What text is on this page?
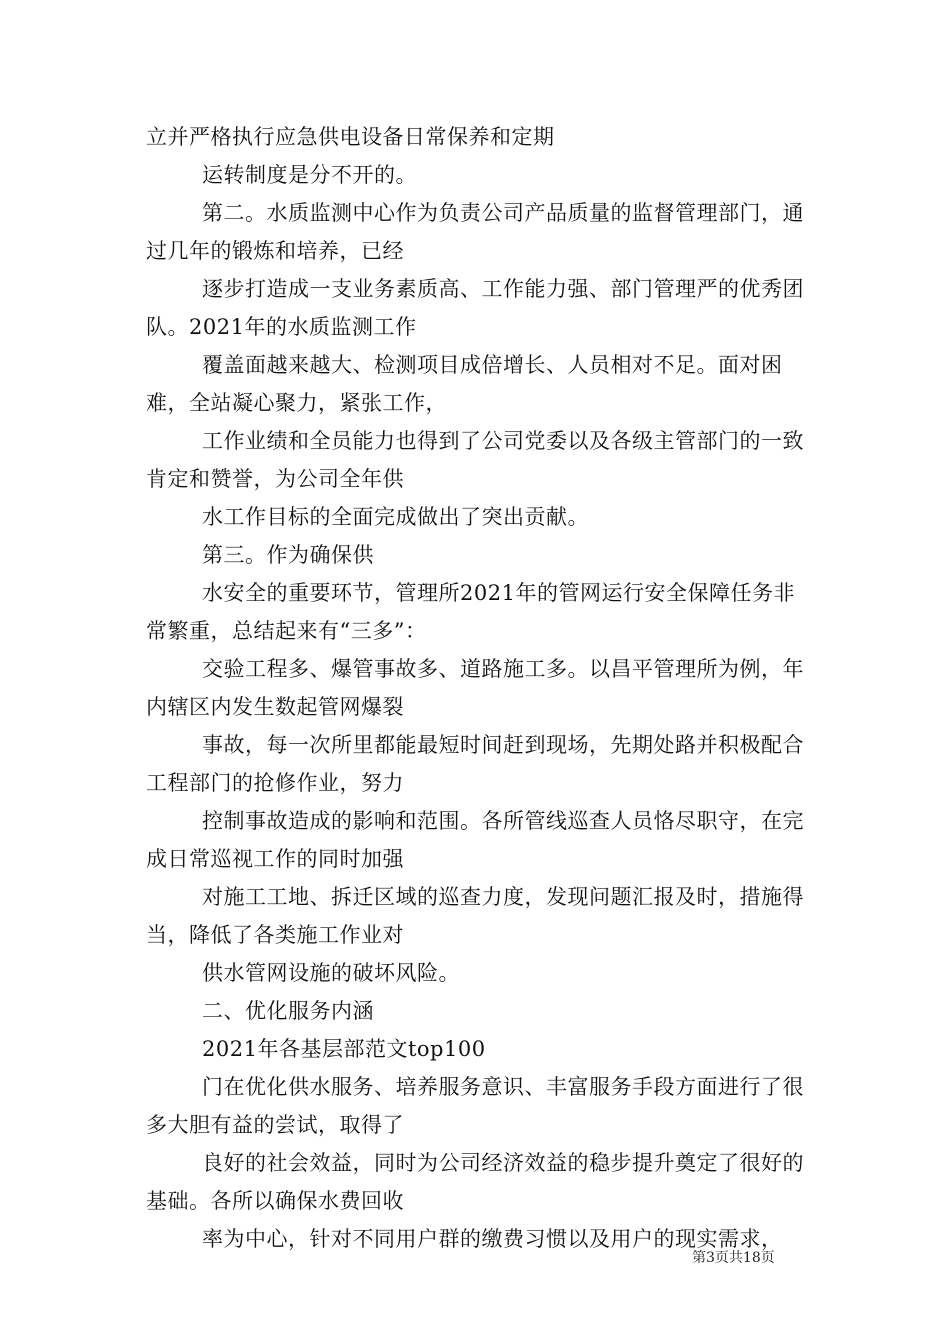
立并严格执行应急供电设备日常保养和定期

运转制度是分不开的。

第二。水质监测中心作为负责公司产品质量的监督管理部门，通过几年的锻炼和培养，已经

逐步打造成一支业务素质高、工作能力强、部门管理严的优秀团队。2021年的水质监测工作

覆盖面越来越大、检测项目成倍增长、人员相对不足。面对困难，全站凝心聚力，紧张工作，

工作业绩和全员能力也得到了公司党委以及各级主管部门的一致肯定和赞誉，为公司全年供

水工作目标的全面完成做出了突出贡献。

第三。作为确保供

水安全的重要环节，管理所2021年的管网运行安全保障任务非常繁重，总结起来有“三多”：

交验工程多、爆管事故多、道路施工多。以昌平管理所为例，年内辖区内发生数起管网爆裂

事故，每一次所里都能最短时间赶到现场，先期处路并积极配合工程部门的抢修作业，努力

控制事故造成的影响和范围。各所管线巡查人员恪尽职守，在完成日常巡视工作的同时加强

对施工工地、拆迁区域的巡查力度，发现问题汇报及时，措施得当，降低了各类施工作业对

供水管网设施的破坏风险。

二、优化服务内涵

2021年各基层部范文top100

门在优化供水服务、培养服务意识、丰富服务手段方面进行了很多大胆有益的尝试，取得了

良好的社会效益，同时为公司经济效益的稳步提升奠定了很好的基础。各所以确保水费回收

率为中心，针对不同用户群的缴费习惯以及用户的现实需求，

第3页共18页
